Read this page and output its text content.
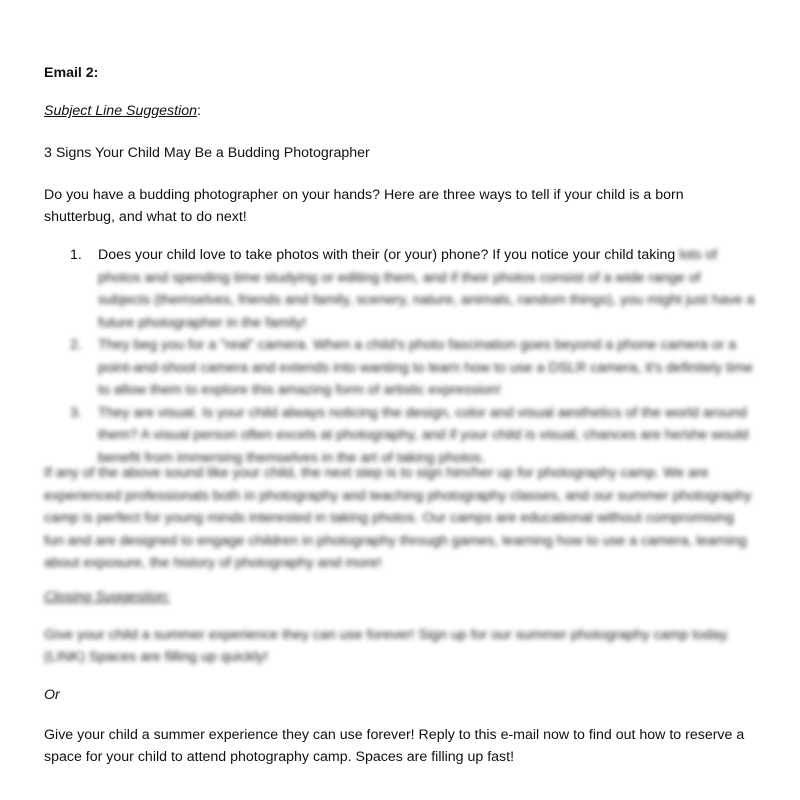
Email 2:

Subject Line Suggestion:

3 Signs Your Child May Be a Budding Photographer

Do you have a budding photographer on your hands? Here are three ways to tell if your child is a born shutterbug, and what to do next!

1. Does your child love to take photos with their (or your) phone? If you notice your child taking lots of photos and spending time studying or editing them, and if their photos consist of a wide range of subjects (themselves, friends and family, scenery, nature, animals, random things), you might just have a future photographer in the family!
2. They beg you for a "real" camera. When a child's photo fascination goes beyond a phone camera or a point-and-shoot camera and extends into wanting to learn how to use a DSLR camera, it's definitely time to allow them to explore this amazing form of artistic expression!
3. They are visual. Is your child always noticing the design, color and visual aesthetics of the world around them? A visual person often excels at photography, and if your child is visual, chances are he/she would benefit from immersing themselves in the art of taking photos.

If any of the above sound like your child, the next step is to sign him/her up for photography camp. We are experienced professionals both in photography and teaching photography classes, and our summer photography camp is perfect for young minds interested in taking photos. Our camps are educational without compromising fun and are designed to engage children in photography through games, learning how to use a camera, learning about exposure, the history of photography and more!

Closing Suggestion:

Give your child a summer experience they can use forever! Sign up for our summer photography camp today. (LINK) Spaces are filling up quickly!

Or

Give your child a summer experience they can use forever! Reply to this e-mail now to find out how to reserve a space for your child to attend photography camp. Spaces are filling up fast!
